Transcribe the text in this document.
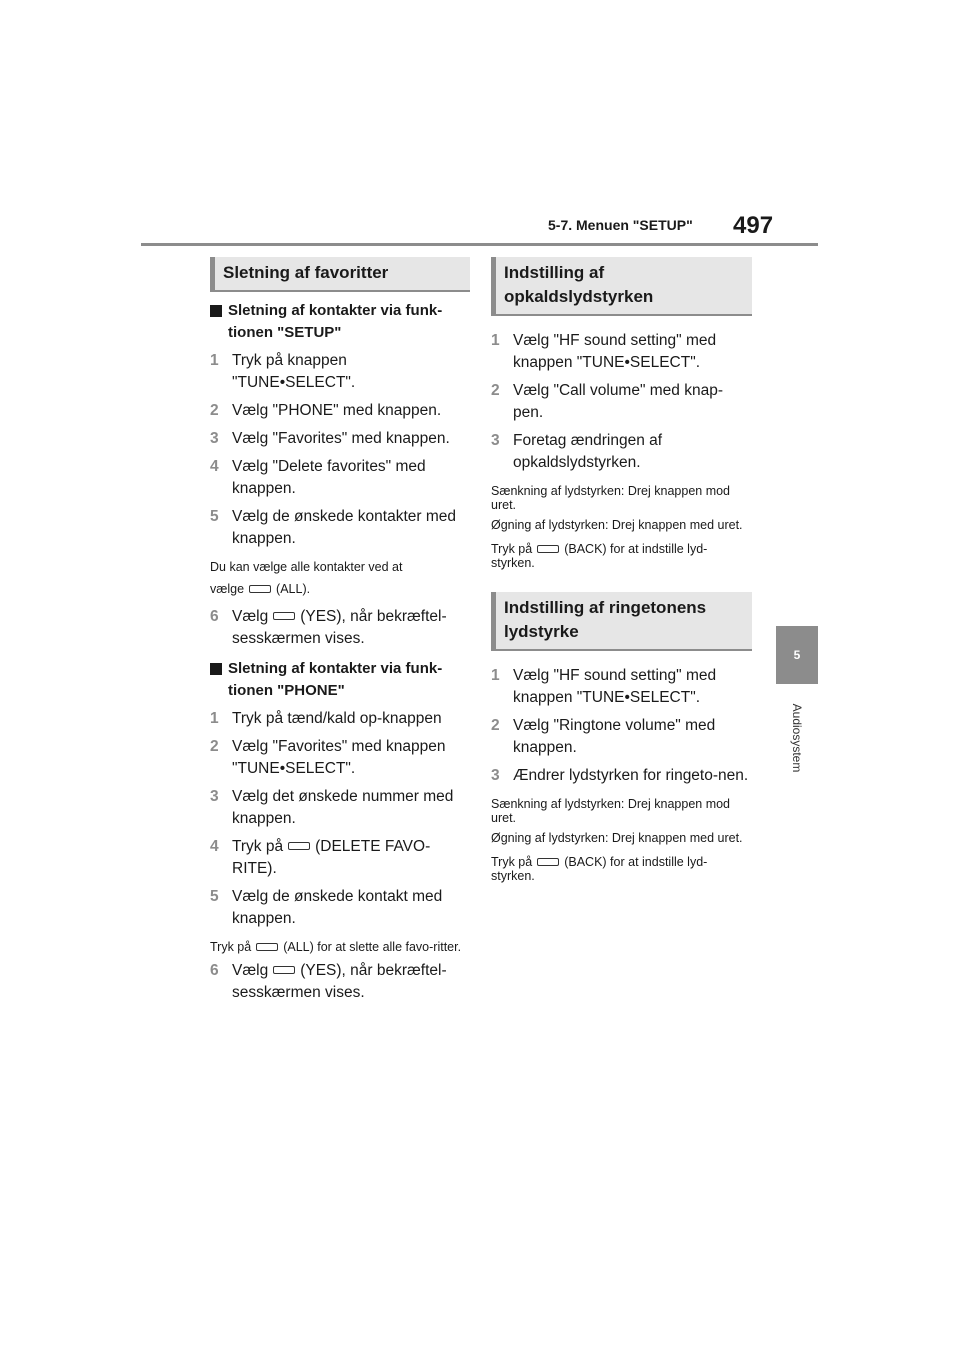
5-7. Menuen "SETUP" 497
5
Audiosystem
Sletning af favoritter
Sletning af kontakter via funk-tionen "SETUP"
1 Tryk på knappen "TUNE•SELECT".
2 Vælg "PHONE" med knappen.
3 Vælg "Favorites" med knappen.
4 Vælg "Delete favorites" med knappen.
5 Vælg de ønskede kontakter med knappen.
Du kan vælge alle kontakter ved at
vælge	(ALL).
6 Vælg (YES), når bekræftel-sesskærmen vises.
Sletning af kontakter via funk-tionen "PHONE"
1 Tryk på tænd/kald op-knappen
2 Vælg "Favorites" med knappen "TUNE•SELECT".
3 Vælg det ønskede nummer med knappen.
4 Tryk på (DELETE FAVO-RITE).
5 Vælg de ønskede kontakt med knappen.
Tryk på	(ALL) for at slette alle favo-ritter.
6 Vælg (YES), når bekræftel-sesskærmen vises.
Indstilling af opkaldslydstyrken
1 Vælg "HF sound setting" med knappen "TUNE•SELECT".
2 Vælg "Call volume" med knap-pen.
3 Foretag ændringen af opkaldslydstyrken.
Sænkning af lydstyrken: Drej knappen mod uret.
Øgning af lydstyrken: Drej knappen med uret.
Tryk på	(BACK) for at indstille lyd-styrken.
Indstilling af ringetonens lydstyrke
1 Vælg "HF sound setting" med knappen "TUNE•SELECT".
2 Vælg "Ringtone volume" med knappen.
3 Ændrer lydstyrken for ringeto-nen.
Sænkning af lydstyrken: Drej knappen mod uret.
Øgning af lydstyrken: Drej knappen med uret.
Tryk på	(BACK) for at indstille lyd-styrken.
